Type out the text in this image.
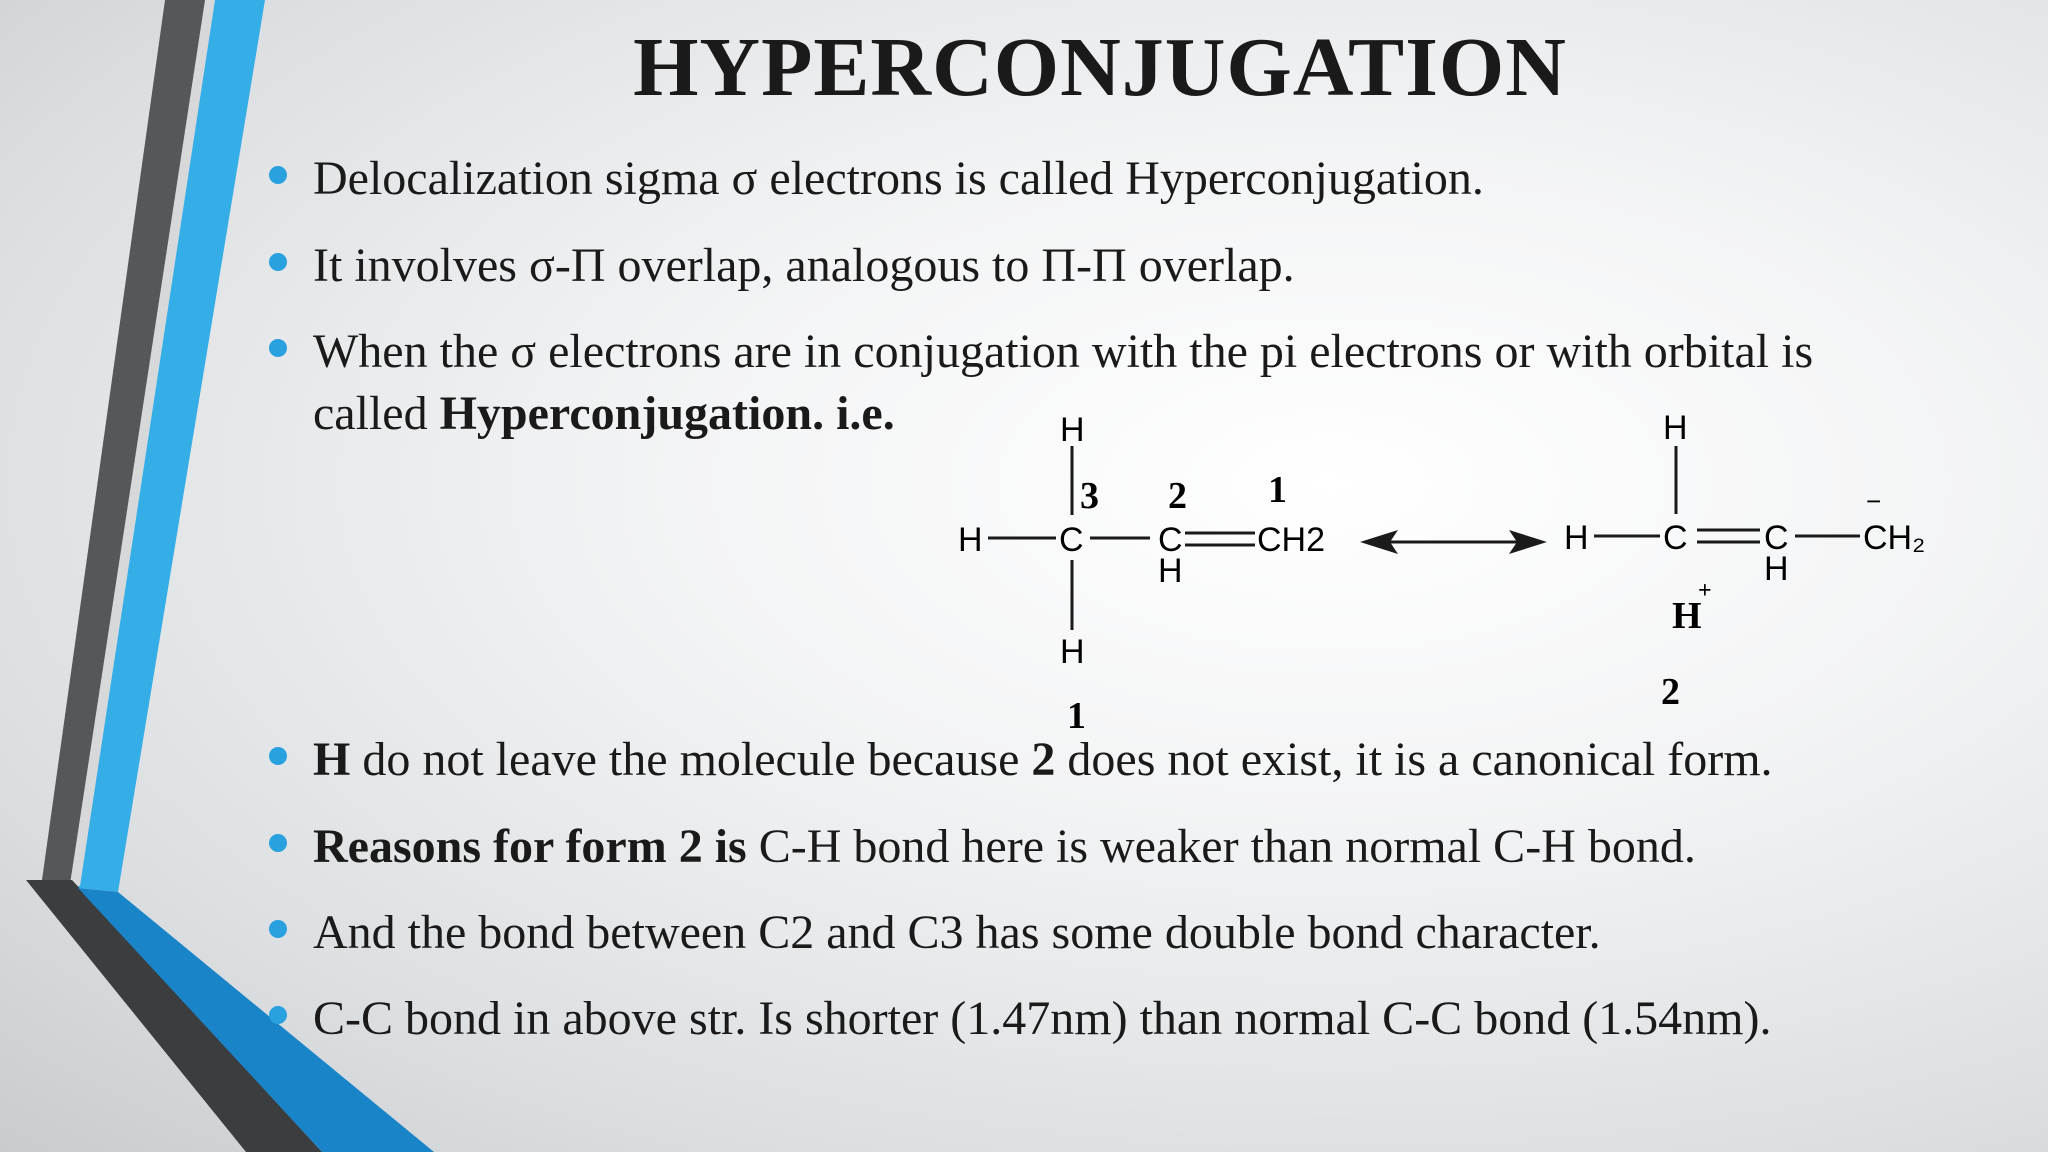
HYPERCONJUGATION
Delocalization sigma σ electrons is called Hyperconjugation.
It involves σ-Π overlap, analogous to Π-Π overlap.
When the σ electrons are in conjugation with the pi electrons or with orbital is
called Hyperconjugation. i.e.	H
H C C
H
CH2
H
3 2 1
1
H
H C C
H
CH₂
−
H
+
2
H do not leave the molecule because 2 does not exist, it is a canonical form.
Reasons for form 2 is C-H bond here is weaker than normal C-H bond.
And the bond between C2 and C3 has some double bond character.
C-C bond in above str. Is shorter (1.47nm) than normal C-C bond (1.54nm).
